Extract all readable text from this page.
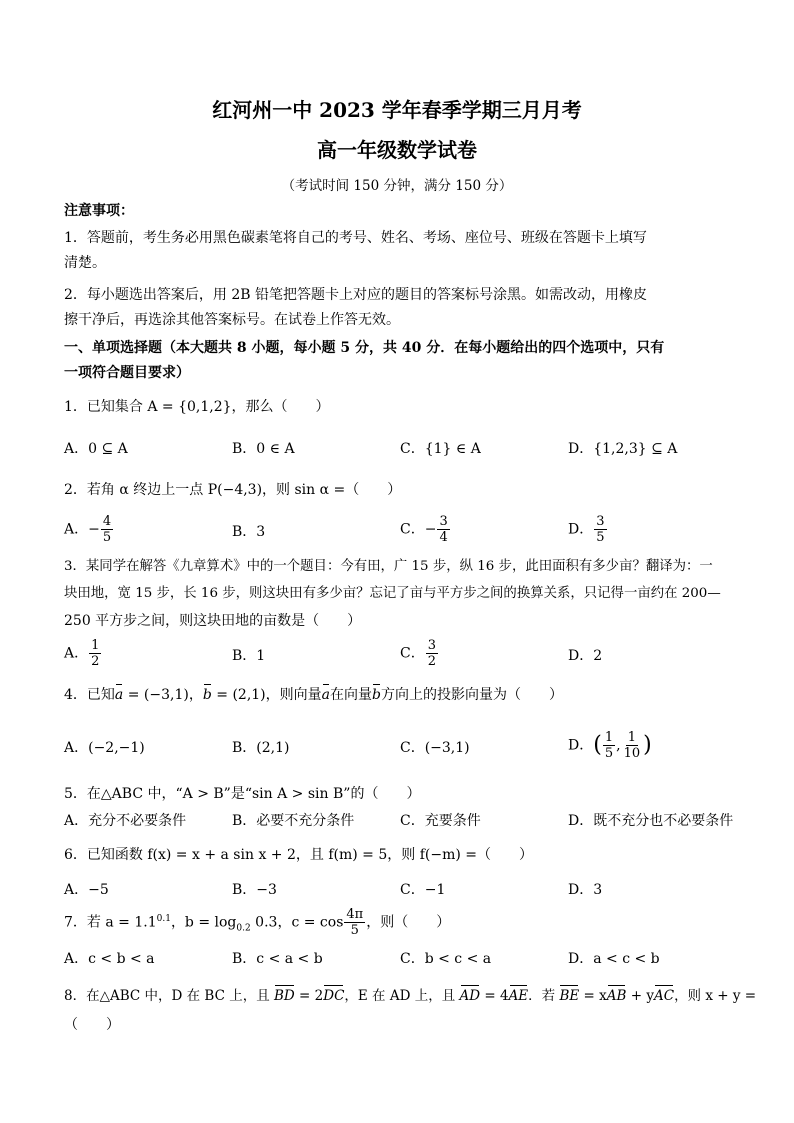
红河州一中 2023 学年春季学期三月月考
高一年级数学试卷
（考试时间 150 分钟，满分 150 分）
注意事项：
1．答题前，考生务必用黑色碳素笔将自己的考号、姓名、考场、座位号、班级在答题卡上填写
清楚。
2．每小题选出答案后，用 2B 铅笔把答题卡上对应的题目的答案标号涂黑。如需改动，用橡皮
擦干净后，再选涂其他答案标号。在试卷上作答无效。
一、单项选择题（本大题共 8 小题，每小题 5 分，共 40 分．在每小题给出的四个选项中，只有
一项符合题目要求）
1．已知集合 A = {0,1,2}，那么（　　）
A．0 ⊆ A	B．0 ∈ A	C．{1} ∈ A	D．{1,2,3} ⊆ A
2．若角 α 终边上一点 P(−4,3)，则 sin α =（　　）
A．− $\frac{4}{5}$	B．3	C．− $\frac{3}{4}$	D． $\frac{3}{5}$
3．某同学在解答《九章算术》中的一个题目：今有田，广 15 步，纵 16 步，此田面积有多少亩？翻译为：一
块田地，宽 15 步，长 16 步，则这块田有多少亩？忘记了亩与平方步之间的换算关系，只记得一亩约在 200—
250 平方步之间，则这块田地的亩数是（　　）
A． $\frac{1}{2}$	B．1	C． $\frac{3}{2}$	D．2
4．已知a = (−3,1)，b = (2,1)，则向量a在向量b方向上的投影向量为（　　）
A．(−2,−1)	B．(2,1)	C．(−3,1)	D．( $\frac{1}{5}$ , $\frac{1}{10}$ )
5．在△ABC 中，“A > B”是“sin A > sin B”的（　　）
A．充分不必要条件	B．必要不充分条件	C．充要条件	D．既不充分也不必要条件
6．已知函数 f(x) = x + a sin x + 2，且 f(m) = 5，则 f(−m) =（　　）
A．−5	B．−3	C．−1	D．3
7．若 $a = 1.1^{0.1}$，$b = \log_{0.2} 0.3$，$c = \cos \frac{4\pi}{5}$ ，则（　　）
A．c < b < a	B．c < a < b	C．b < c < a	D．a < c < b
8．在△ABC 中，D 在 BC 上，且 BD = 2DC，E 在 AD 上，且 AD = 4AE．若 BE = xAB + yAC，则 x + y =
（　　）
